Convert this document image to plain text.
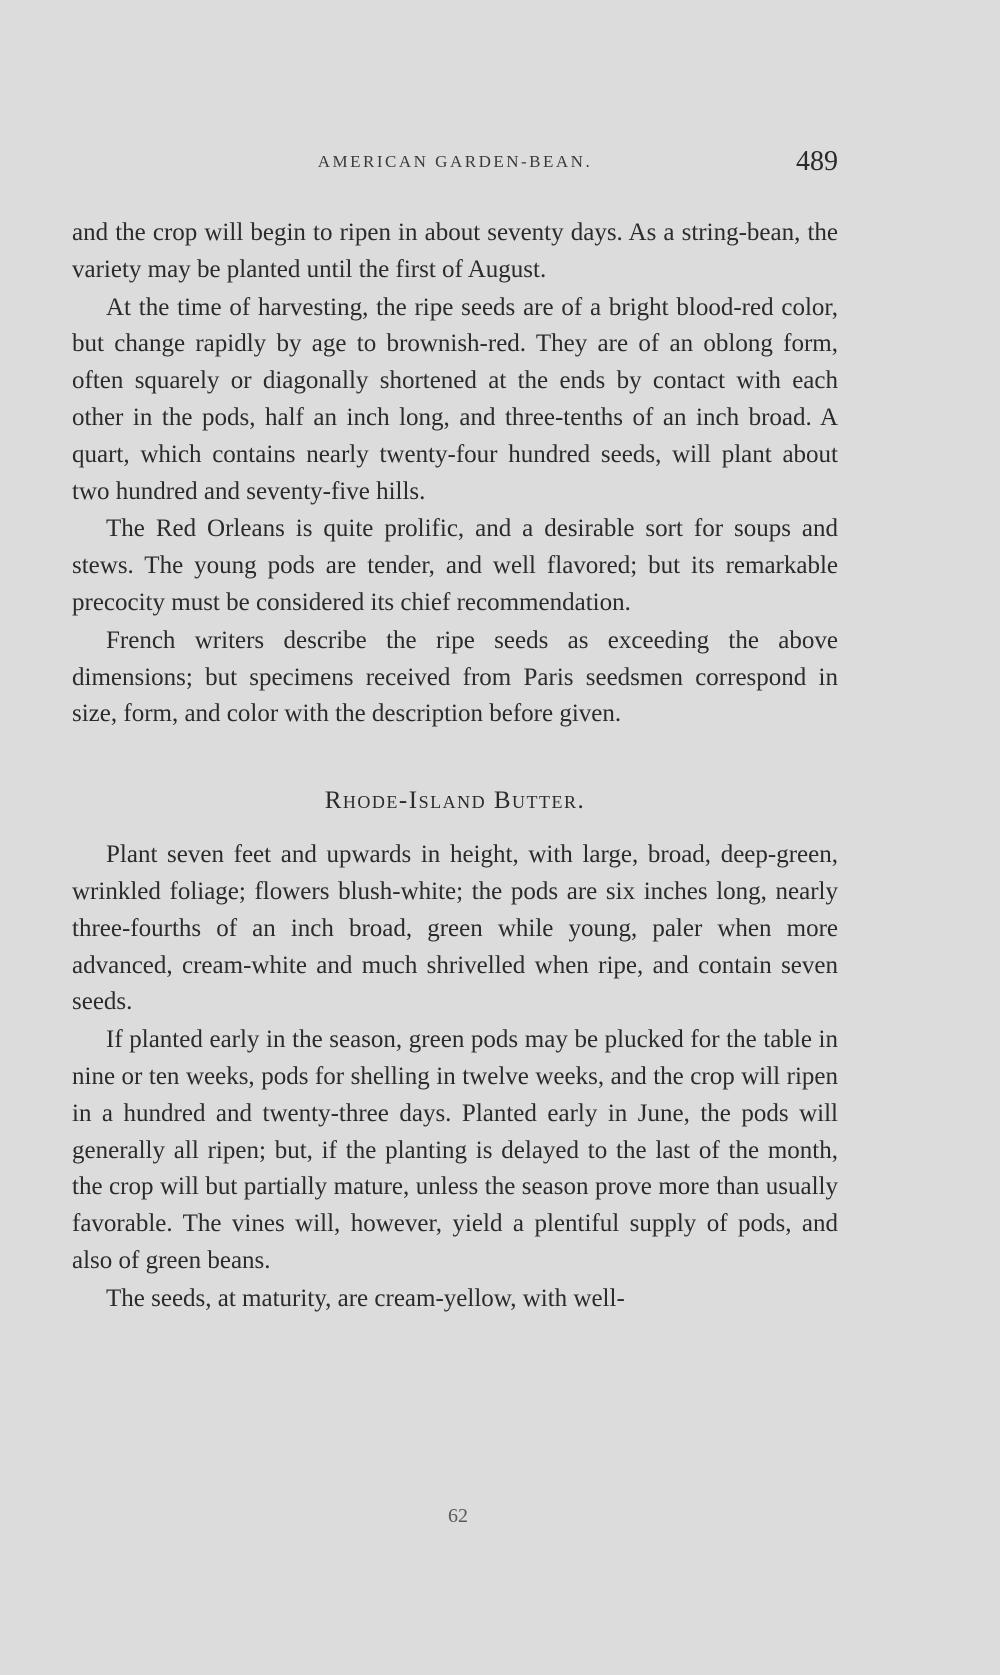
AMERICAN GARDEN-BEAN.	489

and the crop will begin to ripen in about seventy days. As a string-bean, the variety may be planted until the first of August.

At the time of harvesting, the ripe seeds are of a bright blood-red color, but change rapidly by age to brownish-red. They are of an oblong form, often squarely or diagonally shortened at the ends by contact with each other in the pods, half an inch long, and three-tenths of an inch broad. A quart, which contains nearly twenty-four hundred seeds, will plant about two hundred and seventy-five hills.

The Red Orleans is quite prolific, and a desirable sort for soups and stews. The young pods are tender, and well flavored; but its remarkable precocity must be considered its chief recommendation.

French writers describe the ripe seeds as exceeding the above dimensions; but specimens received from Paris seedsmen correspond in size, form, and color with the description before given.

Rhode-Island Butter.

Plant seven feet and upwards in height, with large, broad, deep-green, wrinkled foliage; flowers blush-white; the pods are six inches long, nearly three-fourths of an inch broad, green while young, paler when more advanced, cream-white and much shrivelled when ripe, and contain seven seeds.

If planted early in the season, green pods may be plucked for the table in nine or ten weeks, pods for shelling in twelve weeks, and the crop will ripen in a hundred and twenty-three days. Planted early in June, the pods will generally all ripen; but, if the planting is delayed to the last of the month, the crop will but partially mature, unless the season prove more than usually favorable. The vines will, however, yield a plentiful supply of pods, and also of green beans.

The seeds, at maturity, are cream-yellow, with well-

62
